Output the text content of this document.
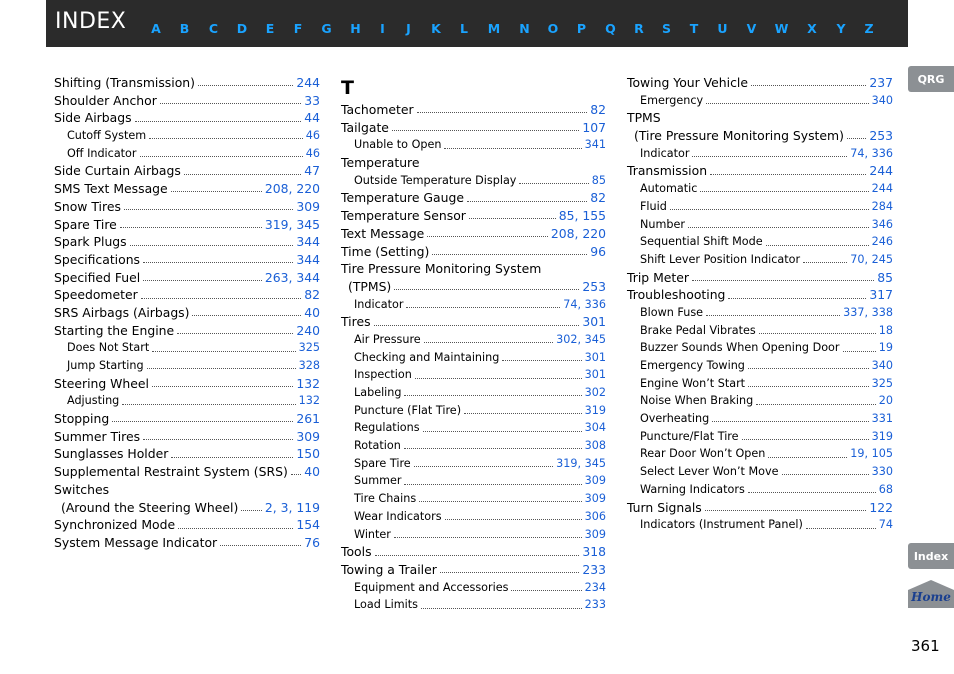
INDEX	A	B	C	D	E	F	G	H	I	J	K	L	M	N	O	P	Q	R	S	T	U	V	W	X	Y	Z
Shifting (Transmission)	244
Shoulder Anchor	33
Side Airbags	44
Cutoff System	46
Off Indicator	46
Side Curtain Airbags	47
SMS Text Message	208, 220
Snow Tires	309
Spare Tire	319, 345
Spark Plugs	344
Specifications	344
Specified Fuel	263, 344
Speedometer	82
SRS Airbags (Airbags)	40
Starting the Engine	240
Does Not Start	325
Jump Starting	328
Steering Wheel	132
Adjusting	132
Stopping	261
Summer Tires	309
Sunglasses Holder	150
Supplemental Restraint System (SRS) 40
Switches
(Around the Steering Wheel) 2, 3, 119
Synchronized Mode	154
System Message Indicator	76
T
Tachometer	82
Tailgate	107
Unable to Open	341
Temperature
Outside Temperature Display	85
Temperature Gauge	82
Temperature Sensor	85, 155
Text Message	208, 220
Time (Setting)	96
Tire Pressure Monitoring System
(TPMS)	253
Indicator	74, 336
Tires	301
Air Pressure	302, 345
Checking and Maintaining	301
Inspection	301
Labeling	302
Puncture (Flat Tire)	319
Regulations	304
Rotation	308
Spare Tire	319, 345
Summer	309
Tire Chains	309
Wear Indicators	306
Winter	309
Tools	318
Towing a Trailer	233
Equipment and Accessories	234
Load Limits	233
Towing Your Vehicle	237
Emergency	340
TPMS
(Tire Pressure Monitoring System) 253
Indicator	74, 336
Transmission	244
Automatic	244
Fluid	284
Number	346
Sequential Shift Mode	246
Shift Lever Position Indicator	70, 245
Trip Meter	85
Troubleshooting	317
Blown Fuse	337, 338
Brake Pedal Vibrates	18
Buzzer Sounds When Opening Door	19
Emergency Towing	340
Engine Won’t Start	325
Noise When Braking	20
Overheating	331
Puncture/Flat Tire	319
Rear Door Won’t Open	19, 105
Select Lever Won’t Move	330
Warning Indicators	68
Turn Signals	122
Indicators (Instrument Panel)	74
QRG
Index
Home
361
